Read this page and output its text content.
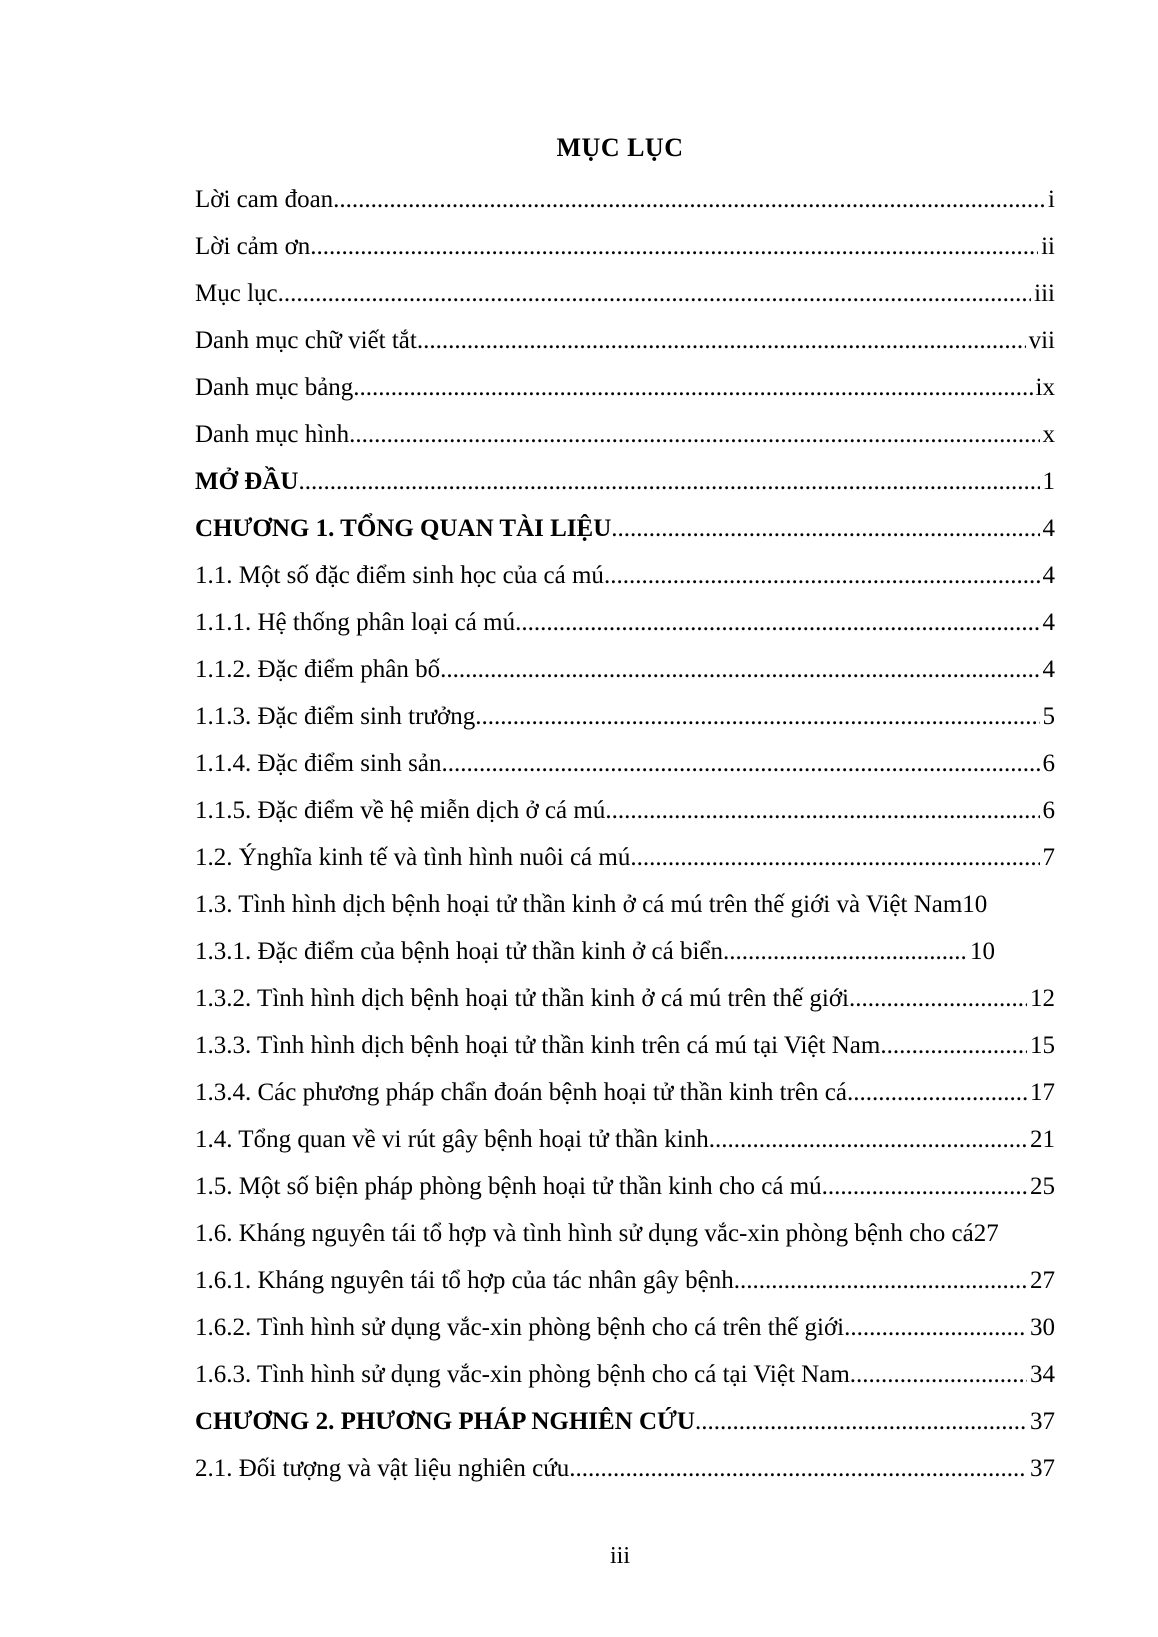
MỤC LỤC
Lời cam đoan .....	i
Lời cảm ơn .....	ii
Mục lục .....	iii
Danh mục chữ viết tắt .....	vii
Danh mục bảng .....	ix
Danh mục hình .....	x
MỞ ĐẦU .....	1
CHƯƠNG 1. TỔNG QUAN TÀI LIỆU .....	4
1.1. Một số đặc điểm sinh học của cá mú .....	4
1.1.1. Hệ thống phân loại cá mú .....	4
1.1.2. Đặc điểm phân bố .....	4
1.1.3. Đặc điểm sinh trưởng .....	5
1.1.4. Đặc điểm sinh sản .....	6
1.1.5. Đặc điểm về hệ miễn dịch ở cá mú .....	6
1.2. Ýnghĩa kinh tế và tình hình nuôi cá mú .....	7
1.3. Tình hình dịch bệnh hoại tử thần kinh ở cá mú trên thế giới và Việt Nam 10
1.3.1. Đặc điểm của bệnh hoại tử thần kinh ở cá biển .....	10
1.3.2. Tình hình dịch bệnh hoại tử thần kinh ở cá mú trên thế giới .....	12
1.3.3. Tình hình dịch bệnh hoại tử thần kinh trên cá mú tại Việt Nam .....	15
1.3.4. Các phương pháp chẩn đoán bệnh hoại tử thần kinh trên cá .....	17
1.4. Tổng quan về vi rút gây bệnh hoại tử thần kinh .....	21
1.5. Một số biện pháp phòng bệnh hoại tử thần kinh cho cá mú .....	25
1.6. Kháng nguyên tái tổ hợp và tình hình sử dụng vắc-xin phòng bệnh cho cá 27
1.6.1. Kháng nguyên tái tổ hợp của tác nhân gây bệnh .....	27
1.6.2. Tình hình sử dụng vắc-xin phòng bệnh cho cá trên thế giới .....	30
1.6.3. Tình hình sử dụng vắc-xin phòng bệnh cho cá tại Việt Nam .....	34
CHƯƠNG 2. PHƯƠNG PHÁP NGHIÊN CỨU .....	37
2.1. Đối tượng và vật liệu nghiên cứu .....	37
iii
